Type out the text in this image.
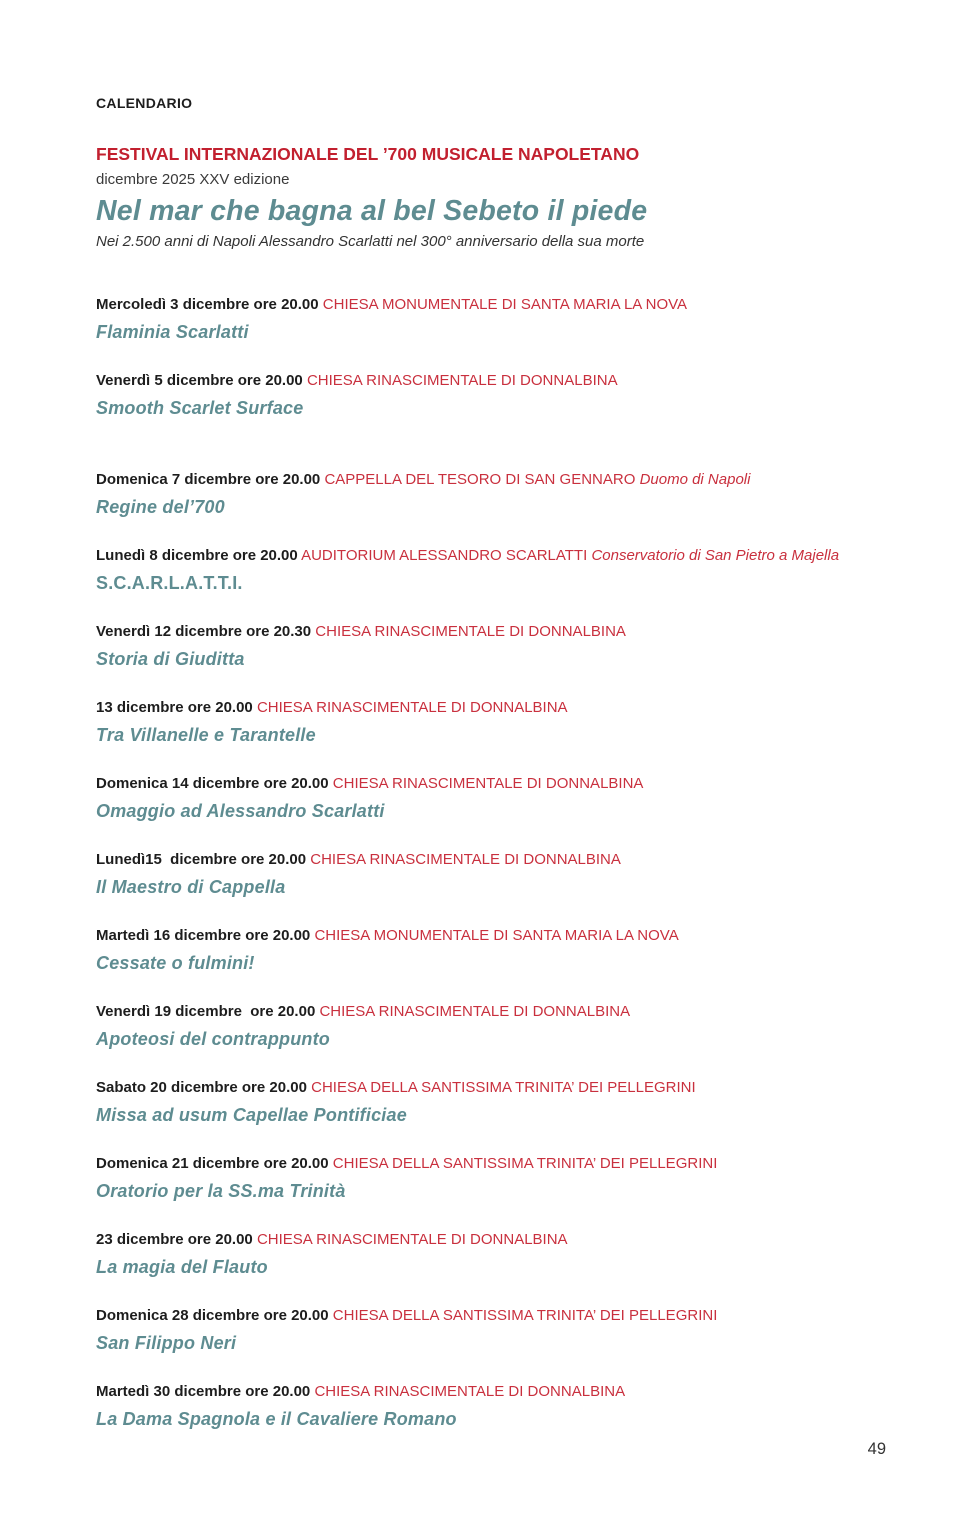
CALENDARIO
FESTIVAL INTERNAZIONALE DEL ’700 MUSICALE NAPOLETANO
dicembre 2025 XXV edizione
Nel mar che bagna al bel Sebeto il piede
Nei 2.500 anni di Napoli Alessandro Scarlatti nel 300° anniversario della sua morte

Mercoledì 3 dicembre ore 20.00 CHIESA MONUMENTALE DI SANTA MARIA LA NOVA

Flaminia Scarlatti

Venerdì 5 dicembre ore 20.00 CHIESA RINASCIMENTALE DI DONNALBINA

Smooth Scarlet Surface

Domenica 7 dicembre ore 20.00 CAPPELLA DEL TESORO DI SAN GENNARO Duomo di Napoli

Regine del’7​00

Lunedì 8 dicembre ore 20.00 AUDITORIUM ALESSANDRO SCARLATTI Conservatorio di San Pietro a Majella

S.C.A.R.L.A.T.T.I.

Venerdì 12 dicembre ore 20.30 CHIESA RINASCIMENTALE DI DONNALBINA

Storia di Giuditta

13 dicembre ore 20.00 CHIESA RINASCIMENTALE DI DONNALBINA

Tra Villanelle e Tarantelle

Domenica 14 dicembre ore 20.00 CHIESA RINASCIMENTALE DI DONNALBINA

Omaggio ad Alessandro Scarlatti

Lunedì15  dicembre ore 20.00 CHIESA RINASCIMENTALE DI DONNALBINA

Il Maestro di Cappella

Martedì 16 dicembre ore 20.00 CHIESA MONUMENTALE DI SANTA MARIA LA NOVA

Cessate o fulmini!

Venerdì 19 dicembre  ore 20.00 CHIESA RINASCIMENTALE DI DONNALBINA

Apoteosi del contrappunto

Sabato 20 dicembre ore 20.00 CHIESA DELLA SANTISSIMA TRINITA’ DEI PELLEGRINI

Missa ad usum Capellae Pontificiae

Domenica 21 dicembre ore 20.00 CHIESA DELLA SANTISSIMA TRINITA’ DEI PELLEGRINI

Oratorio per la SS.ma Trinità

23 dicembre ore 20.00 CHIESA RINASCIMENTALE DI DONNALBINA

La magia del Flauto

Domenica 28 dicembre ore 20.00 CHIESA DELLA SANTISSIMA TRINITA’ DEI PELLEGRINI

San Filippo Neri

Martedì 30 dicembre ore 20.00 CHIESA RINASCIMENTALE DI DONNALBINA

La Dama Spagnola e il Cavaliere Romano

49
